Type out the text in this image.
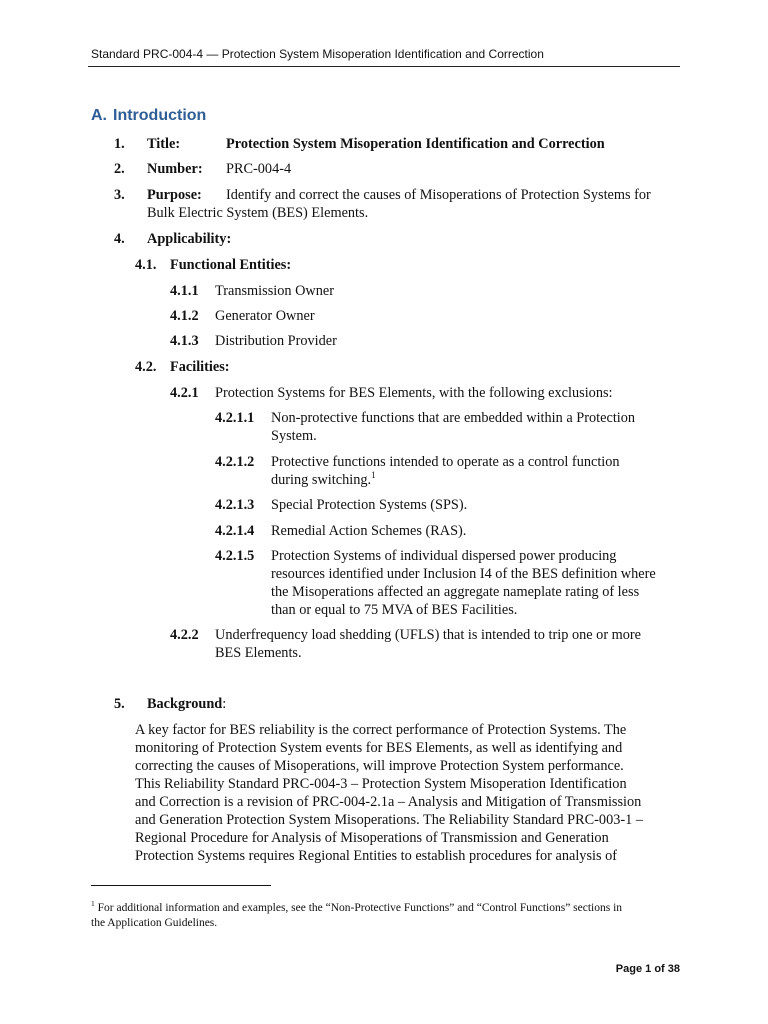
Standard PRC-004-4 — Protection System Misoperation Identification and Correction
A. Introduction
1. Title:	Protection System Misoperation Identification and Correction
2. Number: PRC-004-4
3. Purpose: Identify and correct the causes of Misoperations of Protection Systems for
Bulk Electric System (BES) Elements.
4. Applicability:
4.1. Functional Entities:
4.1.1 Transmission Owner
4.1.2 Generator Owner
4.1.3 Distribution Provider
4.2. Facilities:
4.2.1 Protection Systems for BES Elements, with the following exclusions:
4.2.1.1 Non-protective functions that are embedded within a Protection
System.
4.2.1.2 Protective functions intended to operate as a control function
during switching.$^1$
4.2.1.3 Special Protection Systems (SPS).
4.2.1.4 Remedial Action Schemes (RAS).
4.2.1.5 Protection Systems of individual dispersed power producing
resources identified under Inclusion I4 of the BES definition where
the Misoperations affected an aggregate nameplate rating of less
than or equal to 75 MVA of BES Facilities.
4.2.2 Underfrequency load shedding (UFLS) that is intended to trip one or more
BES Elements.
5. Background:
A key factor for BES reliability is the correct performance of Protection Systems. The
monitoring of Protection System events for BES Elements, as well as identifying and
correcting the causes of Misoperations, will improve Protection System performance.
This Reliability Standard PRC-004-3 – Protection System Misoperation Identification
and Correction is a revision of PRC-004-2.1a – Analysis and Mitigation of Transmission
and Generation Protection System Misoperations. The Reliability Standard PRC-003-1 –
Regional Procedure for Analysis of Misoperations of Transmission and Generation
Protection Systems requires Regional Entities to establish procedures for analysis of
$^1$ For additional information and examples, see the “Non-Protective Functions” and “Control Functions” sections in
the Application Guidelines.
Page 1 of 38
